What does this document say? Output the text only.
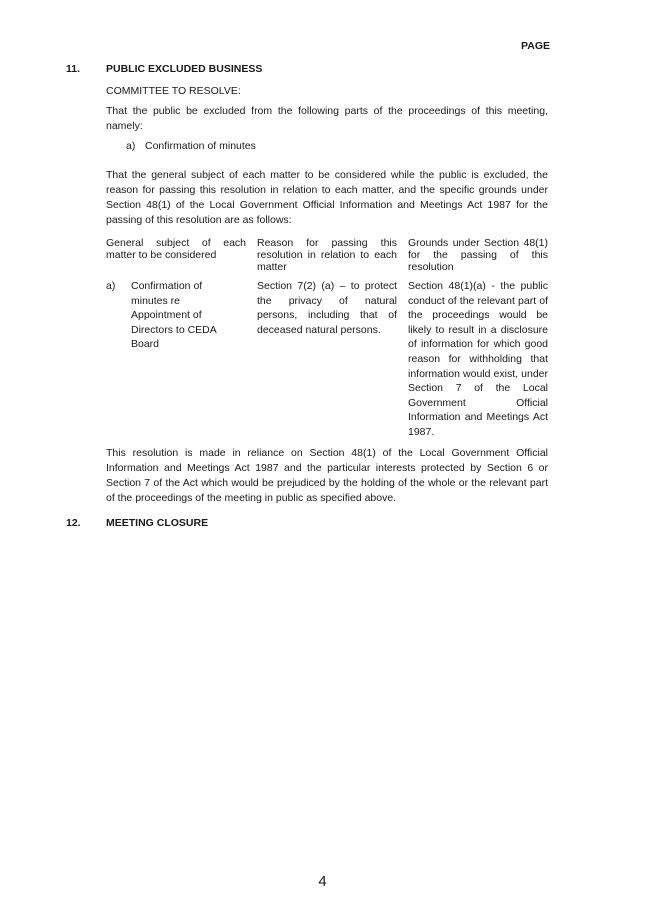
PAGE
11. PUBLIC EXCLUDED BUSINESS
COMMITTEE TO RESOLVE:
That the public be excluded from the following parts of the proceedings of this meeting, namely:
a) Confirmation of minutes
That the general subject of each matter to be considered while the public is excluded, the reason for passing this resolution in relation to each matter, and the specific grounds under Section 48(1) of the Local Government Official Information and Meetings Act 1987 for the passing of this resolution are as follows:
General subject of each matter to be considered
Reason for passing this resolution in relation to each matter
Grounds under Section 48(1) for the passing of this resolution
a)	Confirmation of minutes re Appointment of Directors to CEDA Board
Section 7(2) (a) – to protect the privacy of natural persons, including that of deceased natural persons.
Section 48(1)(a) - the public conduct of the relevant part of the proceedings would be likely to result in a disclosure of information for which good reason for withholding that information would exist, under Section 7 of the Local Government Official Information and Meetings Act 1987.
This resolution is made in reliance on Section 48(1) of the Local Government Official Information and Meetings Act 1987 and the particular interests protected by Section 6 or Section 7 of the Act which would be prejudiced by the holding of the whole or the relevant part of the proceedings of the meeting in public as specified above.
12. MEETING CLOSURE
4
